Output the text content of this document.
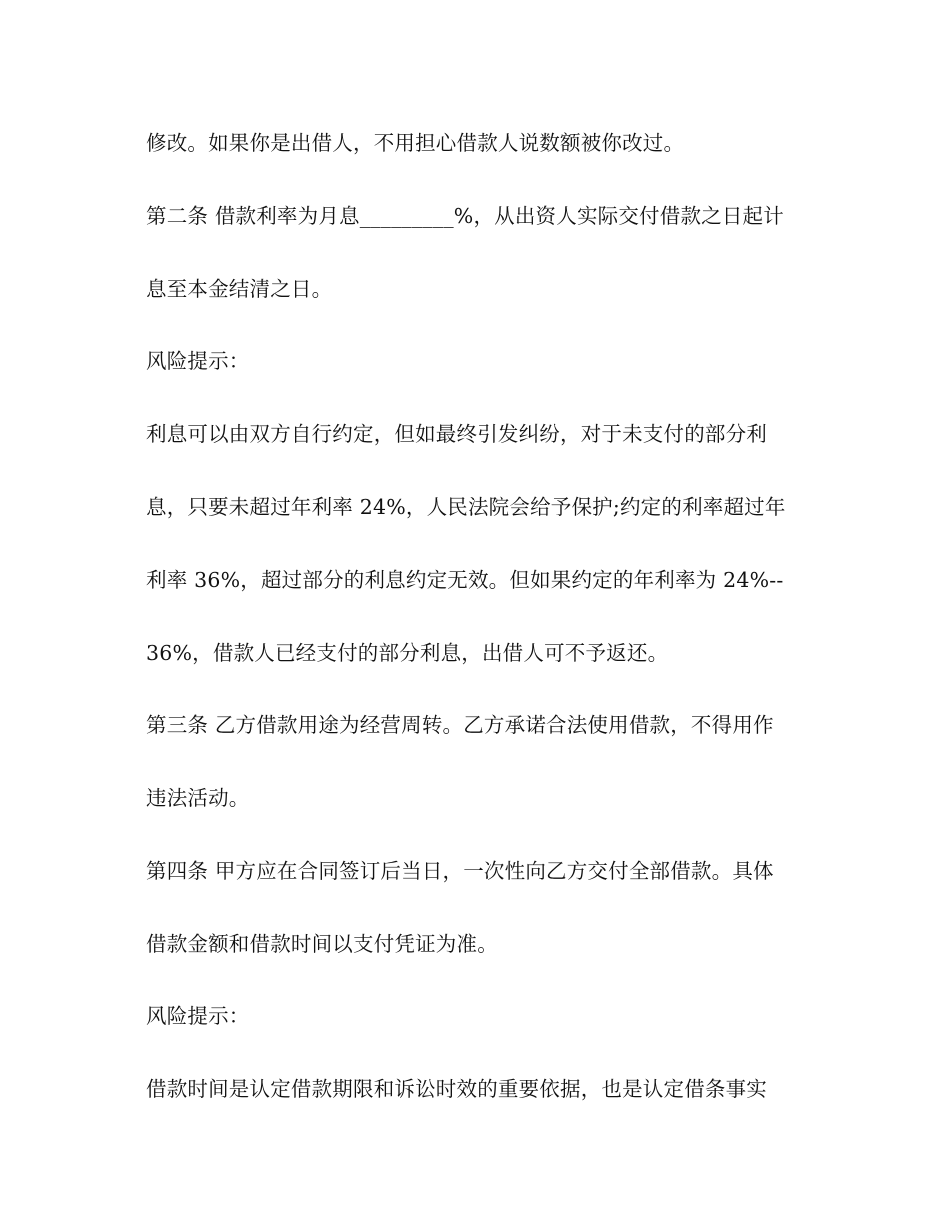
修改。如果你是出借人，不用担心借款人说数额被你改过。
第二条 借款利率为月息_________%，从出资人实际交付借款之日起计
息至本金结清之日。
风险提示：
利息可以由双方自行约定，但如最终引发纠纷，对于未支付的部分利
息，只要未超过年利率 24%，人民法院会给予保护;约定的利率超过年
利率 36%，超过部分的利息约定无效。但如果约定的年利率为 24%--
36%，借款人已经支付的部分利息，出借人可不予返还。
第三条 乙方借款用途为经营周转。乙方承诺合法使用借款，不得用作
违法活动。
第四条 甲方应在合同签订后当日，一次性向乙方交付全部借款。具体
借款金额和借款时间以支付凭证为准。
风险提示：
借款时间是认定借款期限和诉讼时效的重要依据，也是认定借条事实
